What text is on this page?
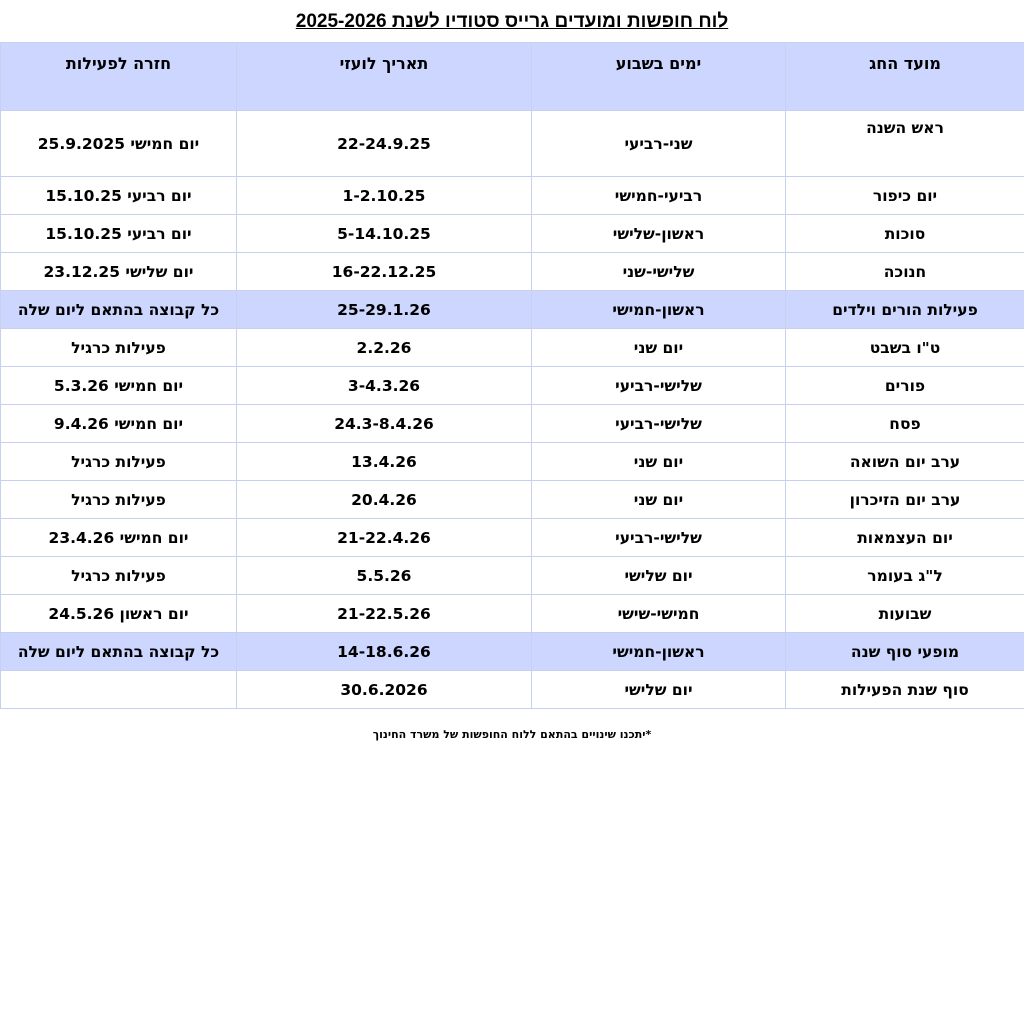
לוח חופשות ומועדים גרייס סטודיו לשנת 2025-2026
מועד החג	ימים בשבוע	תאריך לועזי	חזרה לפעילות
ראש השנה	שני-רביעי	22-24.9.25	יום חמישי 25.9.2025
יום כיפור	רביעי-חמישי	1-2.10.25	יום רביעי 15.10.25
סוכות	ראשון-שלישי	5-14.10.25	יום רביעי 15.10.25
חנוכה	שלישי-שני	16-22.12.25	יום שלישי 23.12.25
פעילות הורים וילדים	ראשון-חמישי	25-29.1.26	כל קבוצה בהתאם ליום שלה
ט"ו בשבט	יום שני	2.2.26	פעילות כרגיל
פורים	שלישי-רביעי	3-4.3.26	יום חמישי 5.3.26
פסח	שלישי-רביעי	24.3-8.4.26	יום חמישי 9.4.26
ערב יום השואה	יום שני	13.4.26	פעילות כרגיל
ערב יום הזיכרון	יום שני	20.4.26	פעילות כרגיל
יום העצמאות	שלישי-רביעי	21-22.4.26	יום חמישי 23.4.26
ל"ג בעומר	יום שלישי	5.5.26	פעילות כרגיל
שבועות	חמישי-שישי	21-22.5.26	יום ראשון 24.5.26
מופעי סוף שנה	ראשון-חמישי	14-18.6.26	כל קבוצה בהתאם ליום שלה
סוף שנת הפעילות	יום שלישי	30.6.2026	
*יתכנו שינויים בהתאם ללוח החופשות של משרד החינוך
